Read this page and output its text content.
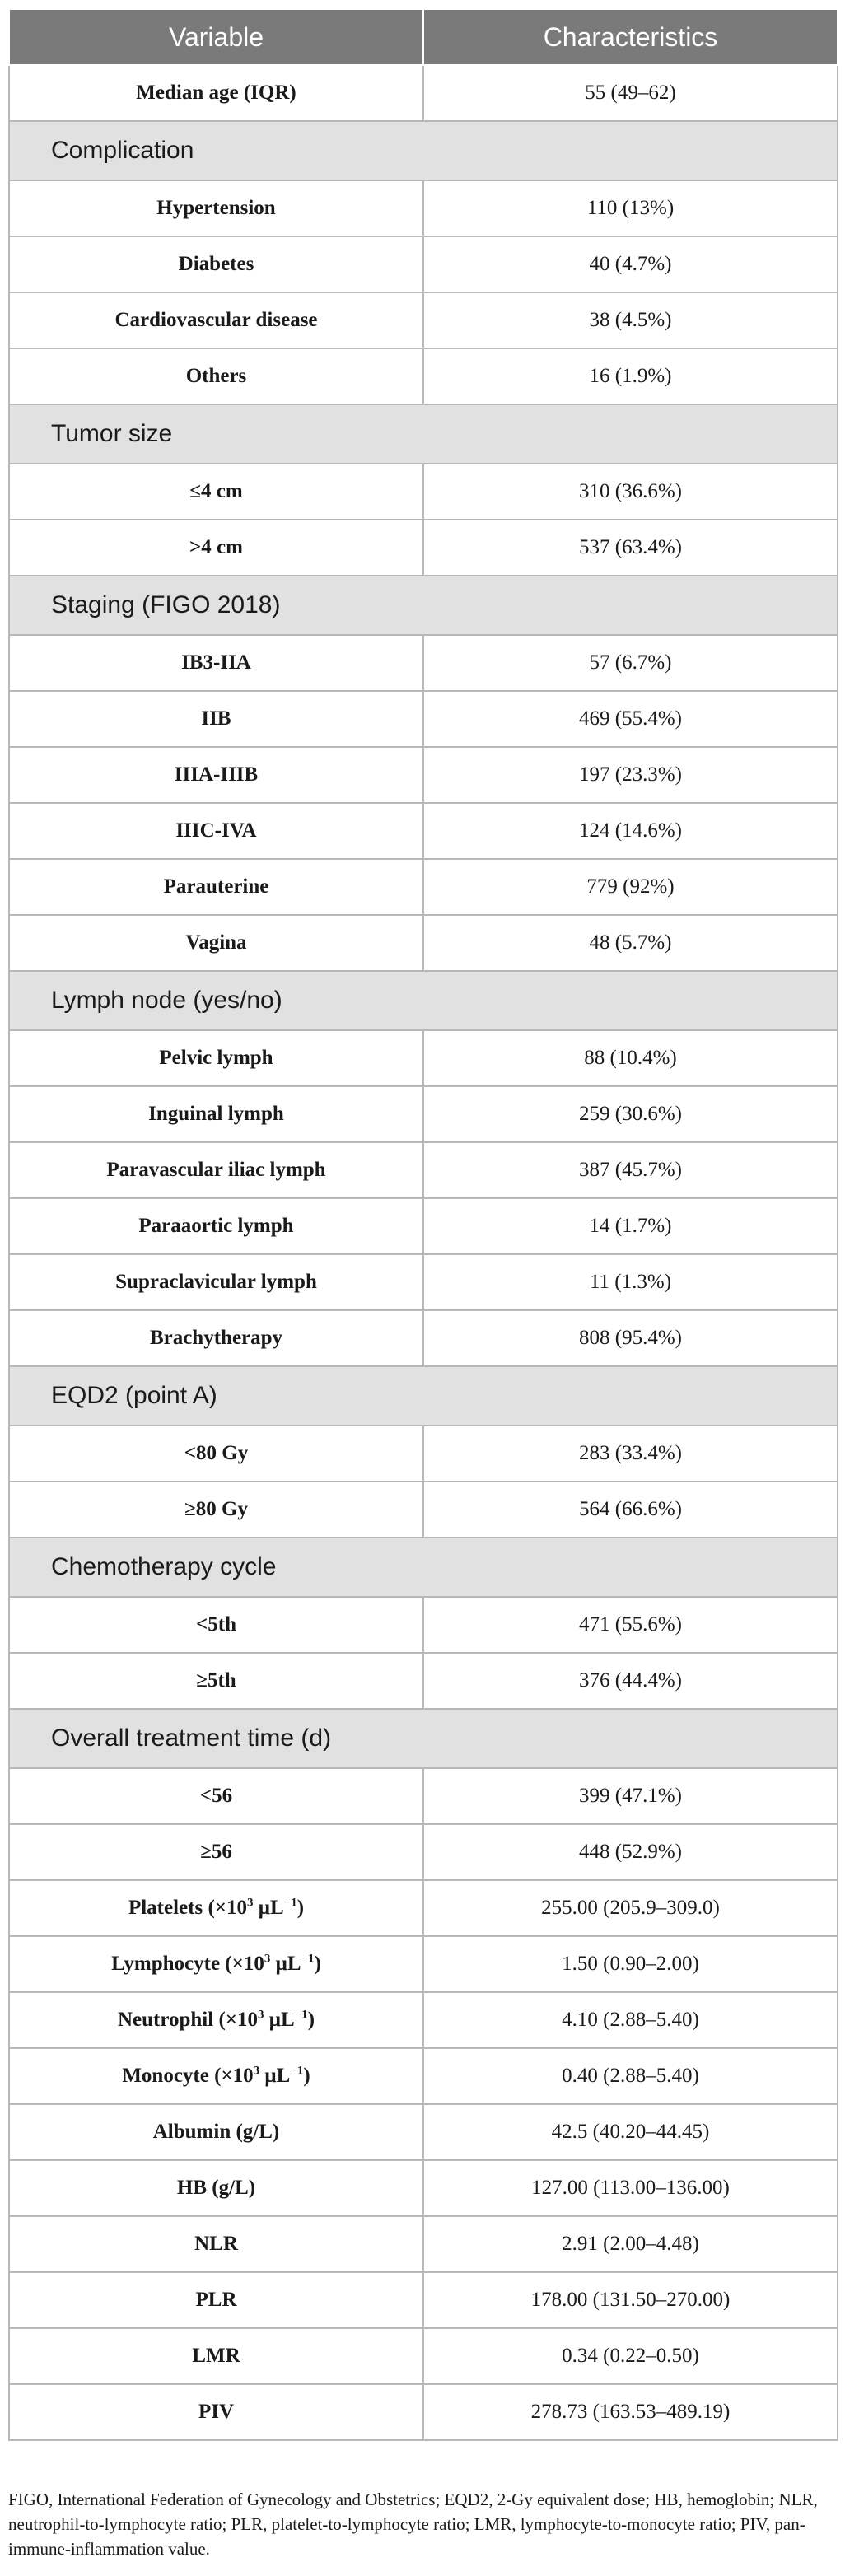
Variable	Characteristics
Median age (IQR)	55 (49–62)
Complication	
Hypertension	110 (13%)
Diabetes	40 (4.7%)
Cardiovascular disease	38 (4.5%)
Others	16 (1.9%)
Tumor size	
≤4 cm	310 (36.6%)
>4 cm	537 (63.4%)
Staging (FIGO 2018)	
IB3-IIA	57 (6.7%)
IIB	469 (55.4%)
IIIA-IIIB	197 (23.3%)
IIIC-IVA	124 (14.6%)
Parauterine	779 (92%)
Vagina	48 (5.7%)
Lymph node (yes/no)	
Pelvic lymph	88 (10.4%)
Inguinal lymph	259 (30.6%)
Paravascular iliac lymph	387 (45.7%)
Paraaortic lymph	14 (1.7%)
Supraclavicular lymph	11 (1.3%)
Brachytherapy	808 (95.4%)
EQD2 (point A)	
<80 Gy	283 (33.4%)
≥80 Gy	564 (66.6%)
Chemotherapy cycle	
<5th	471 (55.6%)
≥5th	376 (44.4%)
Overall treatment time (d)	
<56	399 (47.1%)
≥56	448 (52.9%)
Platelets ($\times 10^3$ $\mu L^{-1}$)	255.00 (205.9–309.0)
Lymphocyte ($\times 10^3$ $\mu L^{-1}$)	1.50 (0.90–2.00)
Neutrophil ($\times 10^3$ $\mu L^{-1}$)	4.10 (2.88–5.40)
Monocyte ($\times 10^3$ $\mu L^{-1}$)	0.40 (2.88–5.40)
Albumin (g/L)	42.5 (40.20–44.45)
HB (g/L)	127.00 (113.00–136.00)
NLR	2.91 (2.00–4.48)
PLR	178.00 (131.50–270.00)
LMR	0.34 (0.22–0.50)
PIV	278.73 (163.53–489.19)
FIGO, International Federation of Gynecology and Obstetrics; EQD2, 2-Gy equivalent dose; HB, hemoglobin; NLR, neutrophil-to-lymphocyte ratio; PLR, platelet-to-lymphocyte ratio; LMR, lymphocyte-to-monocyte ratio; PIV, pan-immune-inflammation value.
